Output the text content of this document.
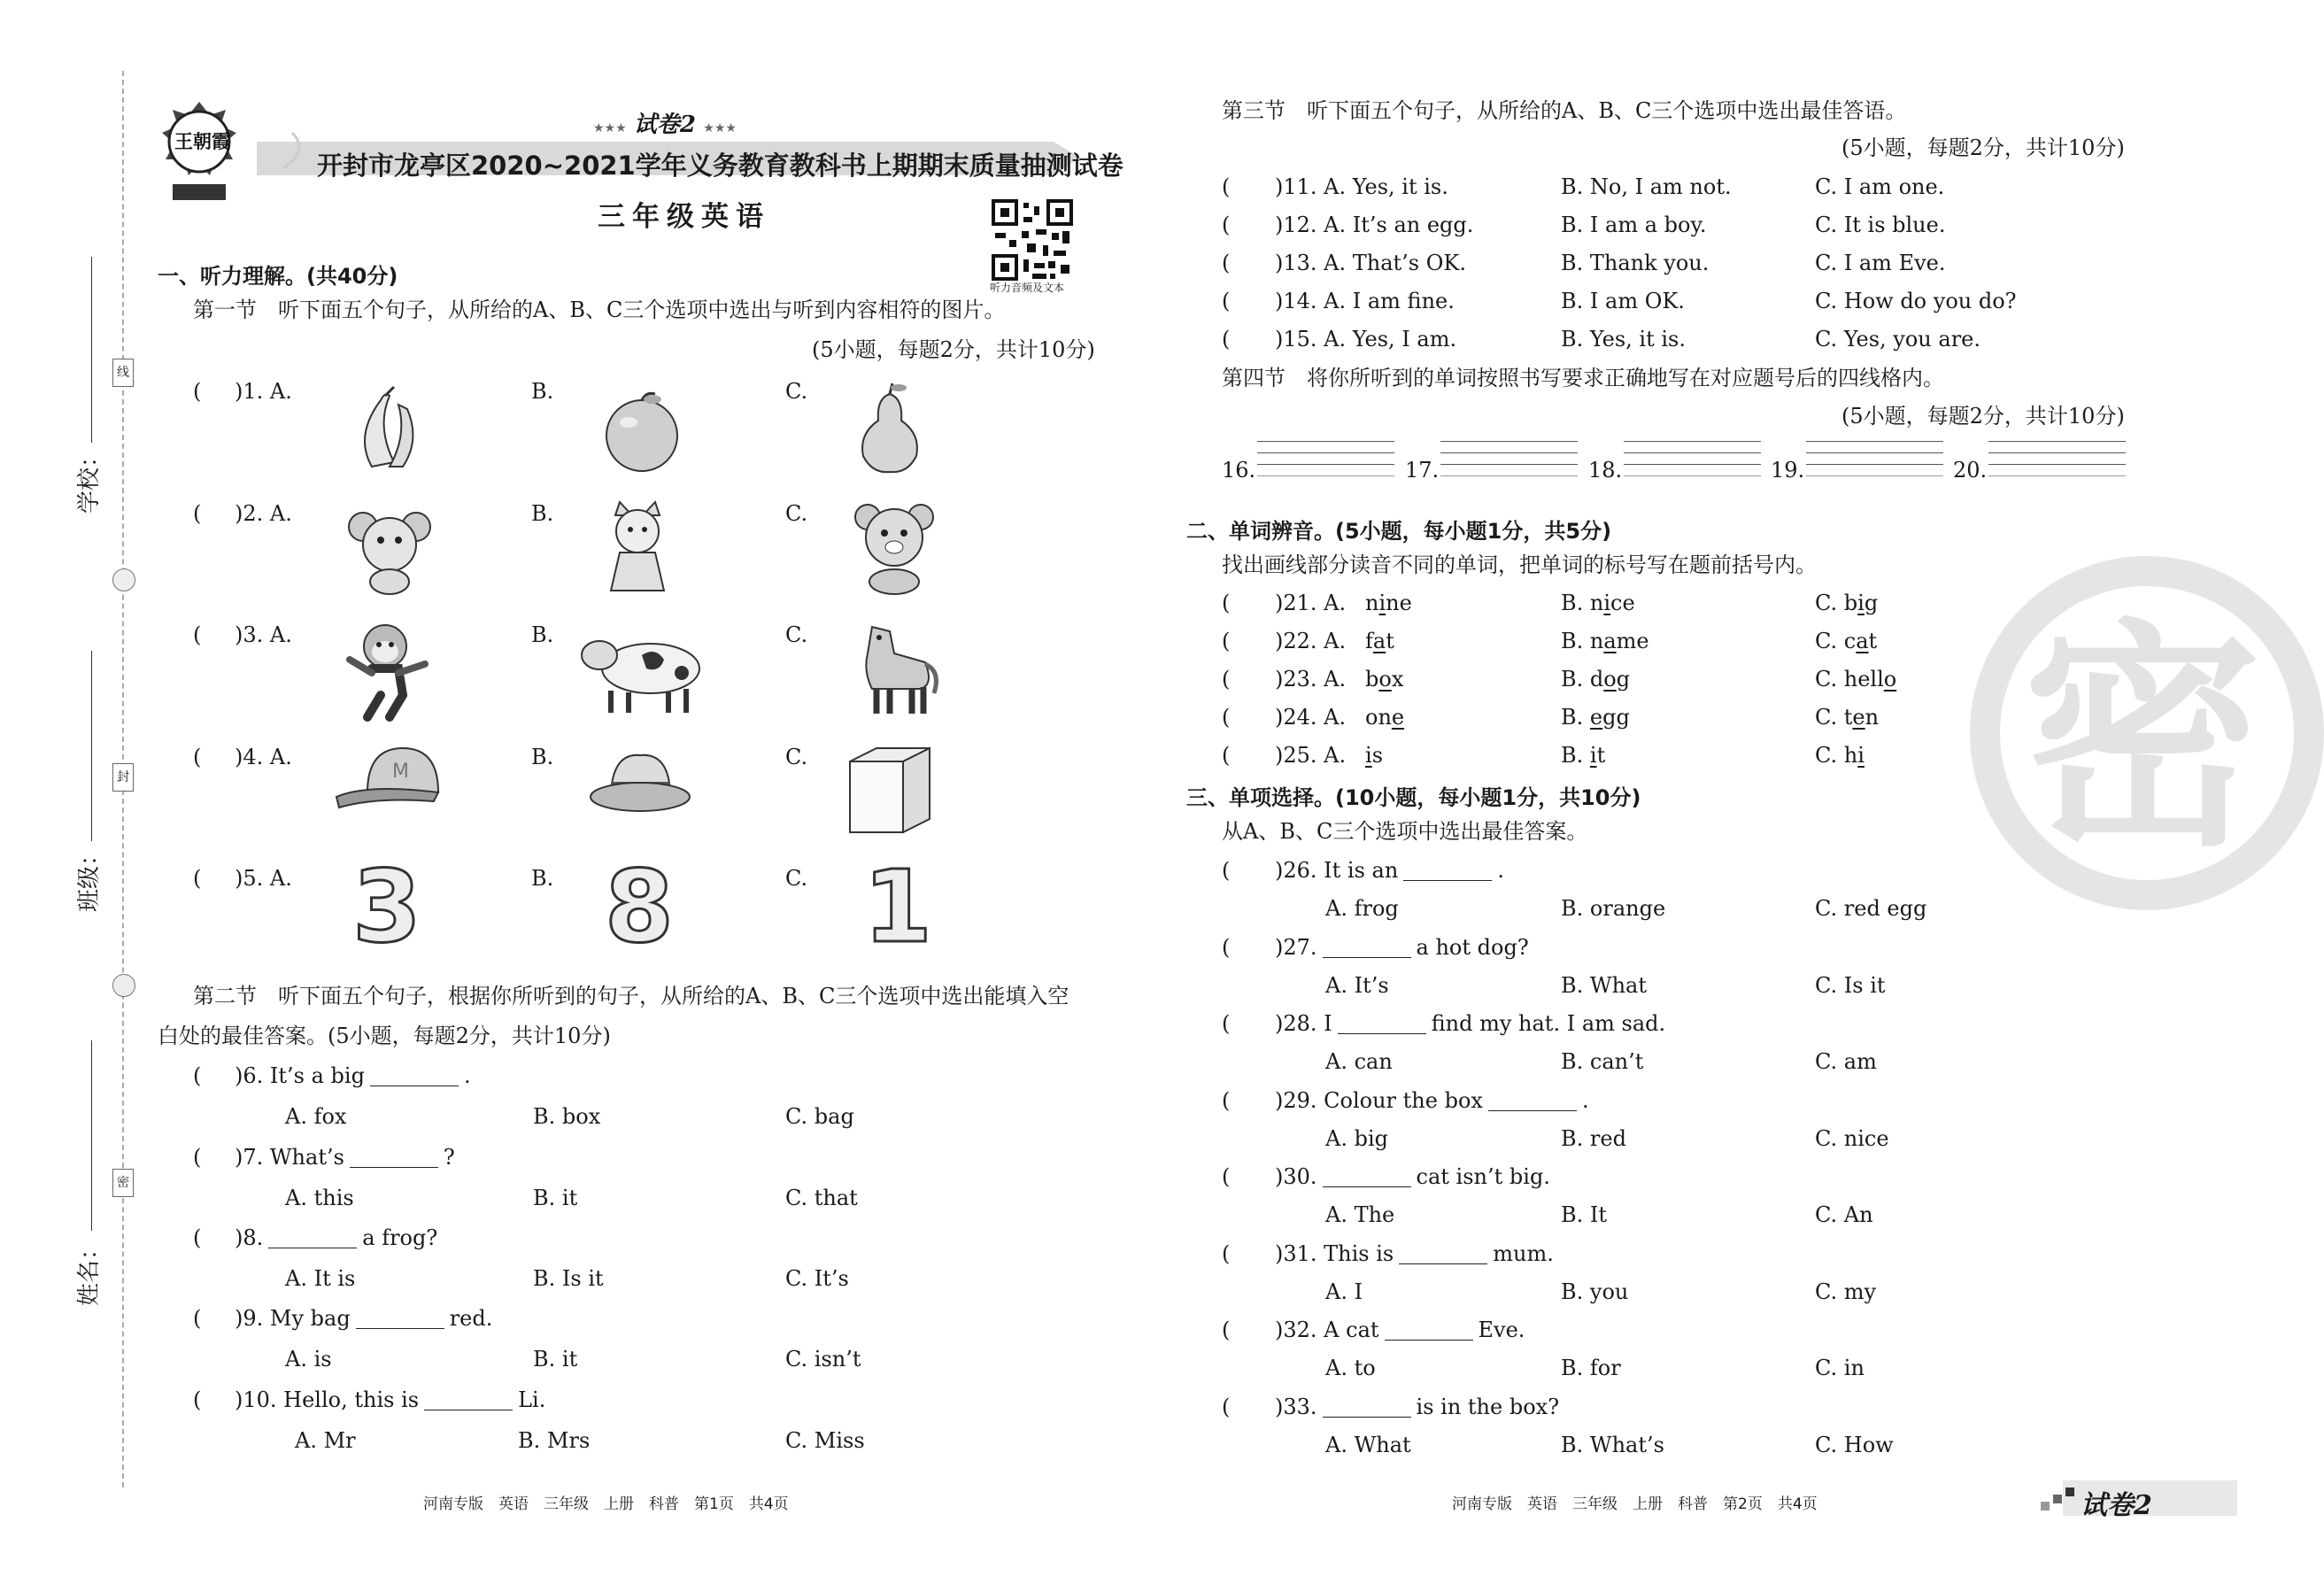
线
封
密
学校：
班级：
姓名：
王朝霞
★★★ 试卷2 ★★★
开封市龙亭区2020~2021学年义务教育教科书上期期末质量抽测试卷
三年级英语
听力音频及文本
一、听力理解。(共40分)
第一节　听下面五个句子，从所给的A、B、C三个选项中选出与听到内容相符的图片。
(5小题，每题2分，共计10分)
M
3 8 1
第二节　听下面五个句子，根据你所听到的句子，从所给的A、B、C三个选项中选出能填入空
白处的最佳答案。(5小题，每题2分，共计10分)
河南专版　英语　三年级　上册　科普　第1页　共4页
第三节　听下面五个句子，从所给的A、B、C三个选项中选出最佳答语。
(5小题，每题2分，共计10分)
第四节　将你所听到的单词按照书写要求正确地写在对应题号后的四线格内。
(5小题，每题2分，共计10分)
二、单词辨音。(5小题，每小题1分，共5分)
找出画线部分读音不同的单词，把单词的标号写在题前括号内。
三、单项选择。(10小题，每小题1分，共10分)
从A、B、C三个选项中选出最佳答案。
河南专版　英语　三年级　上册　科普　第2页　共4页
密
试卷2
( )1. A.	B.	C.
( )2. A.	B.	C.
( )3. A.	B.	C.
( )4. A.	B.	C.
( )5. A.	B.	C.
( )6. It’s a big	.
A. fox	B. box	C. bag
( )7. What’s	?
A. this	B. it	C. that
( )8.	a frog?
A. It is	B. Is it	C. It’s
( )9. My bag	red.
A. is	B. it	C. isn’t
( )10. Hello, this is	Li.
A. Mr	B. Mrs	C. Miss
( )11. A. Yes, it is.	B. No, I am not.	C. I am one.
( )12. A. It’s an egg.	B. I am a boy.	C. It is blue.
( )13. A. That’s OK.	B. Thank you.	C. I am Eve.
( )14. A. I am fine.	B. I am OK.	C. How do you do?
( )15. A. Yes, I am.	B. Yes, it is.	C. Yes, you are.
16.	17.	18.	19.	20.
( )21. A. nine	B. nice	C. big
( )22. A. fat	B. name	C. cat
( )23. A. box	B. dog	C. hello
( )24. A. one	B. egg	C. ten
( )25. A. is	B. it	C. hi
( )26. It is an	.
A. frog	B. orange	C. red egg
( )27.	a hot dog?
A. It’s	B. What	C. Is it
( )28. I	find my hat. I am sad.
A. can	B. can’t	C. am
( )29. Colour the box	.
A. big	B. red	C. nice
( )30.	cat isn’t big.
A. The	B. It	C. An
( )31. This is	mum.
A. I	B. you	C. my
( )32. A cat	Eve.
A. to	B. for	C. in
( )33.	is in the box?
A. What	B. What’s	C. How
